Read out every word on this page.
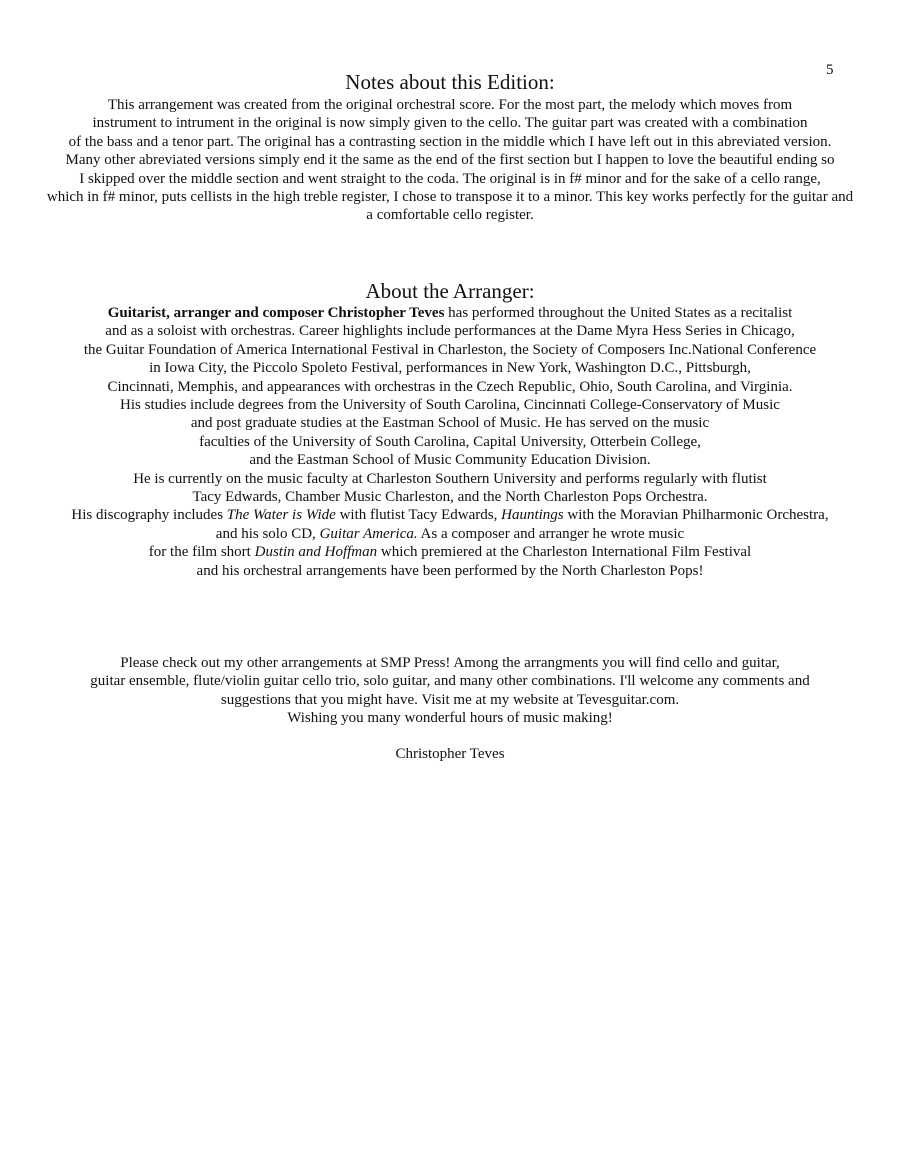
5
Notes about this Edition:
This arrangement was created from the original orchestral score. For the most part, the melody which moves from
instrument to intrument in the original is now simply given to the cello. The guitar part was created with a combination
of the bass and a tenor part. The original has a contrasting section in the middle which I have left out in this abreviated version.
Many other abreviated versions simply end it the same as the end of the first section but I happen to love the beautiful ending so
I skipped over the middle section and went straight to the coda. The original is in f# minor and for the sake of a cello range,
which in f# minor, puts cellists in the high treble register, I chose to transpose it to a minor. This key works perfectly for the guitar and
a comfortable cello register.
About the Arranger:
Guitarist, arranger and composer Christopher Teves has performed throughout the United States as a recitalist
and as a soloist with orchestras. Career highlights include performances at the Dame Myra Hess Series in Chicago,
the Guitar Foundation of America International Festival in Charleston, the Society of Composers Inc.National Conference
in Iowa City, the Piccolo Spoleto Festival, performances in New York, Washington D.C., Pittsburgh,
Cincinnati, Memphis, and appearances with orchestras in the Czech Republic, Ohio, South Carolina, and Virginia.
His studies include degrees from the University of South Carolina, Cincinnati College-Conservatory of Music
and post graduate studies at the Eastman School of Music. He has served on the music
faculties of the University of South Carolina, Capital University, Otterbein College,
and the Eastman School of Music Community Education Division.
He is currently on the music faculty at Charleston Southern University and performs regularly with flutist
Tacy Edwards, Chamber Music Charleston, and the North Charleston Pops Orchestra.
His discography includes The Water is Wide with flutist Tacy Edwards, Hauntings with the Moravian Philharmonic Orchestra,
and his solo CD, Guitar America. As a composer and arranger he wrote music
for the film short Dustin and Hoffman which premiered at the Charleston International Film Festival
and his orchestral arrangements have been performed by the North Charleston Pops!
Please check out my other arrangements at SMP Press! Among the arrangments you will find cello and guitar,
guitar ensemble, flute/violin guitar cello trio, solo guitar, and many other combinations. I'll welcome any comments and
suggestions that you might have. Visit me at my website at Tevesguitar.com.
Wishing you many wonderful hours of music making!
Christopher Teves
